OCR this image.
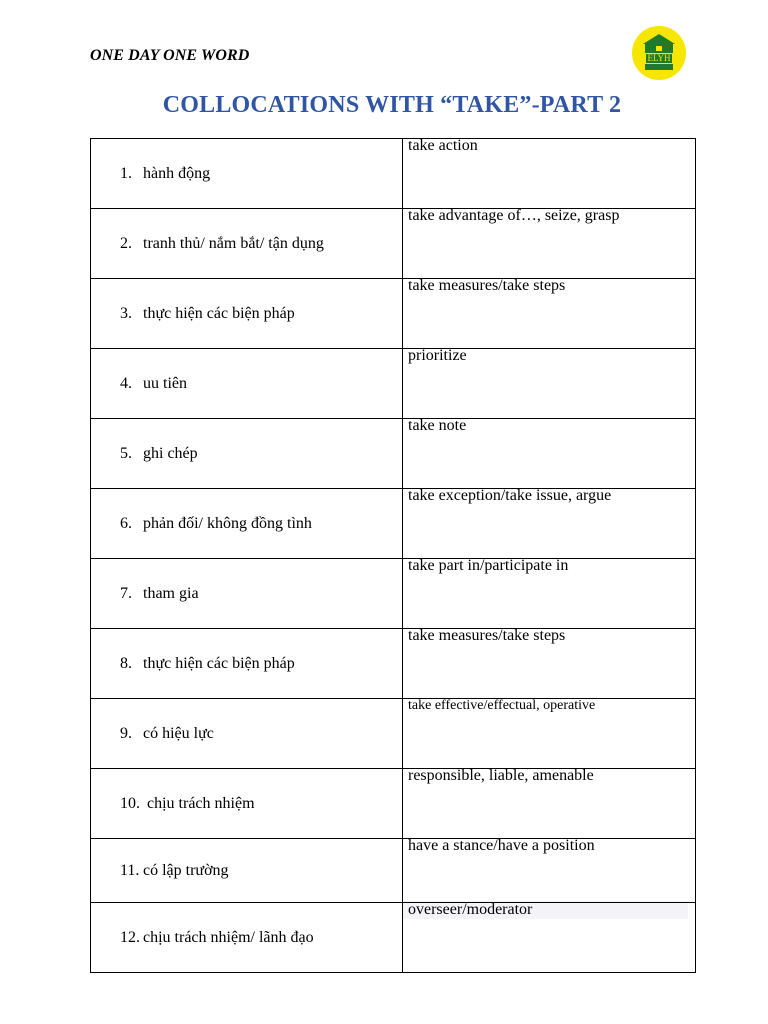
ONE DAY ONE WORD	ELYH
COLLOCATIONS WITH “TAKE”-PART 2
1. hành động	take action

2. tranh thủ/ nắm bắt/ tận dụng	take advantage of…, seize, grasp

3. thực hiện các biện pháp	take measures/take steps

4. uu tiên	prioritize

5. ghi chép	take note

6. phản đối/ không đồng tình	take exception/take issue, argue

7. tham gia	take part in/participate in

8. thực hiện các biện pháp	take measures/take steps

9. có hiệu lực	take effective/effectual, operative

10. chịu trách nhiệm	responsible, liable, amenable

11. có lập trường	have a stance/have a position

12. chịu trách nhiệm/ lãnh đạo	overseer/moderator
